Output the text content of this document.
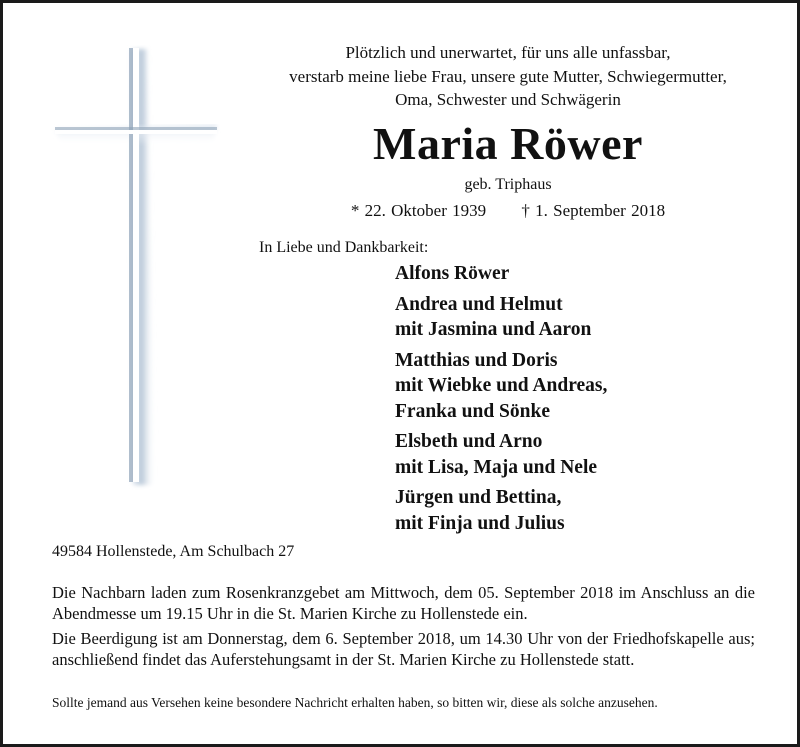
Plötzlich und unerwartet, für uns alle unfassbar,
verstarb meine liebe Frau, unsere gute Mutter, Schwiegermutter,
Oma, Schwester und Schwägerin
Maria Röwer
geb. Triphaus
* 22. Oktober 1939 † 1. September 2018
In Liebe und Dankbarkeit:
Alfons Röwer
Andrea und Helmut
mit Jasmina und Aaron
Matthias und Doris
mit Wiebke und Andreas,
Franka und Sönke
Elsbeth und Arno
mit Lisa, Maja und Nele
Jürgen und Bettina,
mit Finja und Julius
49584 Hollenstede, Am Schulbach 27
Die Nachbarn laden zum Rosenkranzgebet am Mittwoch, dem 05. September 2018 im Anschluss an die Abendmesse um 19.15 Uhr in die St. Marien Kirche zu Hollenstede ein.
Die Beerdigung ist am Donnerstag, dem 6. September 2018, um 14.30 Uhr von der Friedhofskapelle aus; anschließend findet das Auferstehungsamt in der St. Marien Kirche zu Hollenstede statt.
Sollte jemand aus Versehen keine besondere Nachricht erhalten haben, so bitten wir, diese als solche anzusehen.
